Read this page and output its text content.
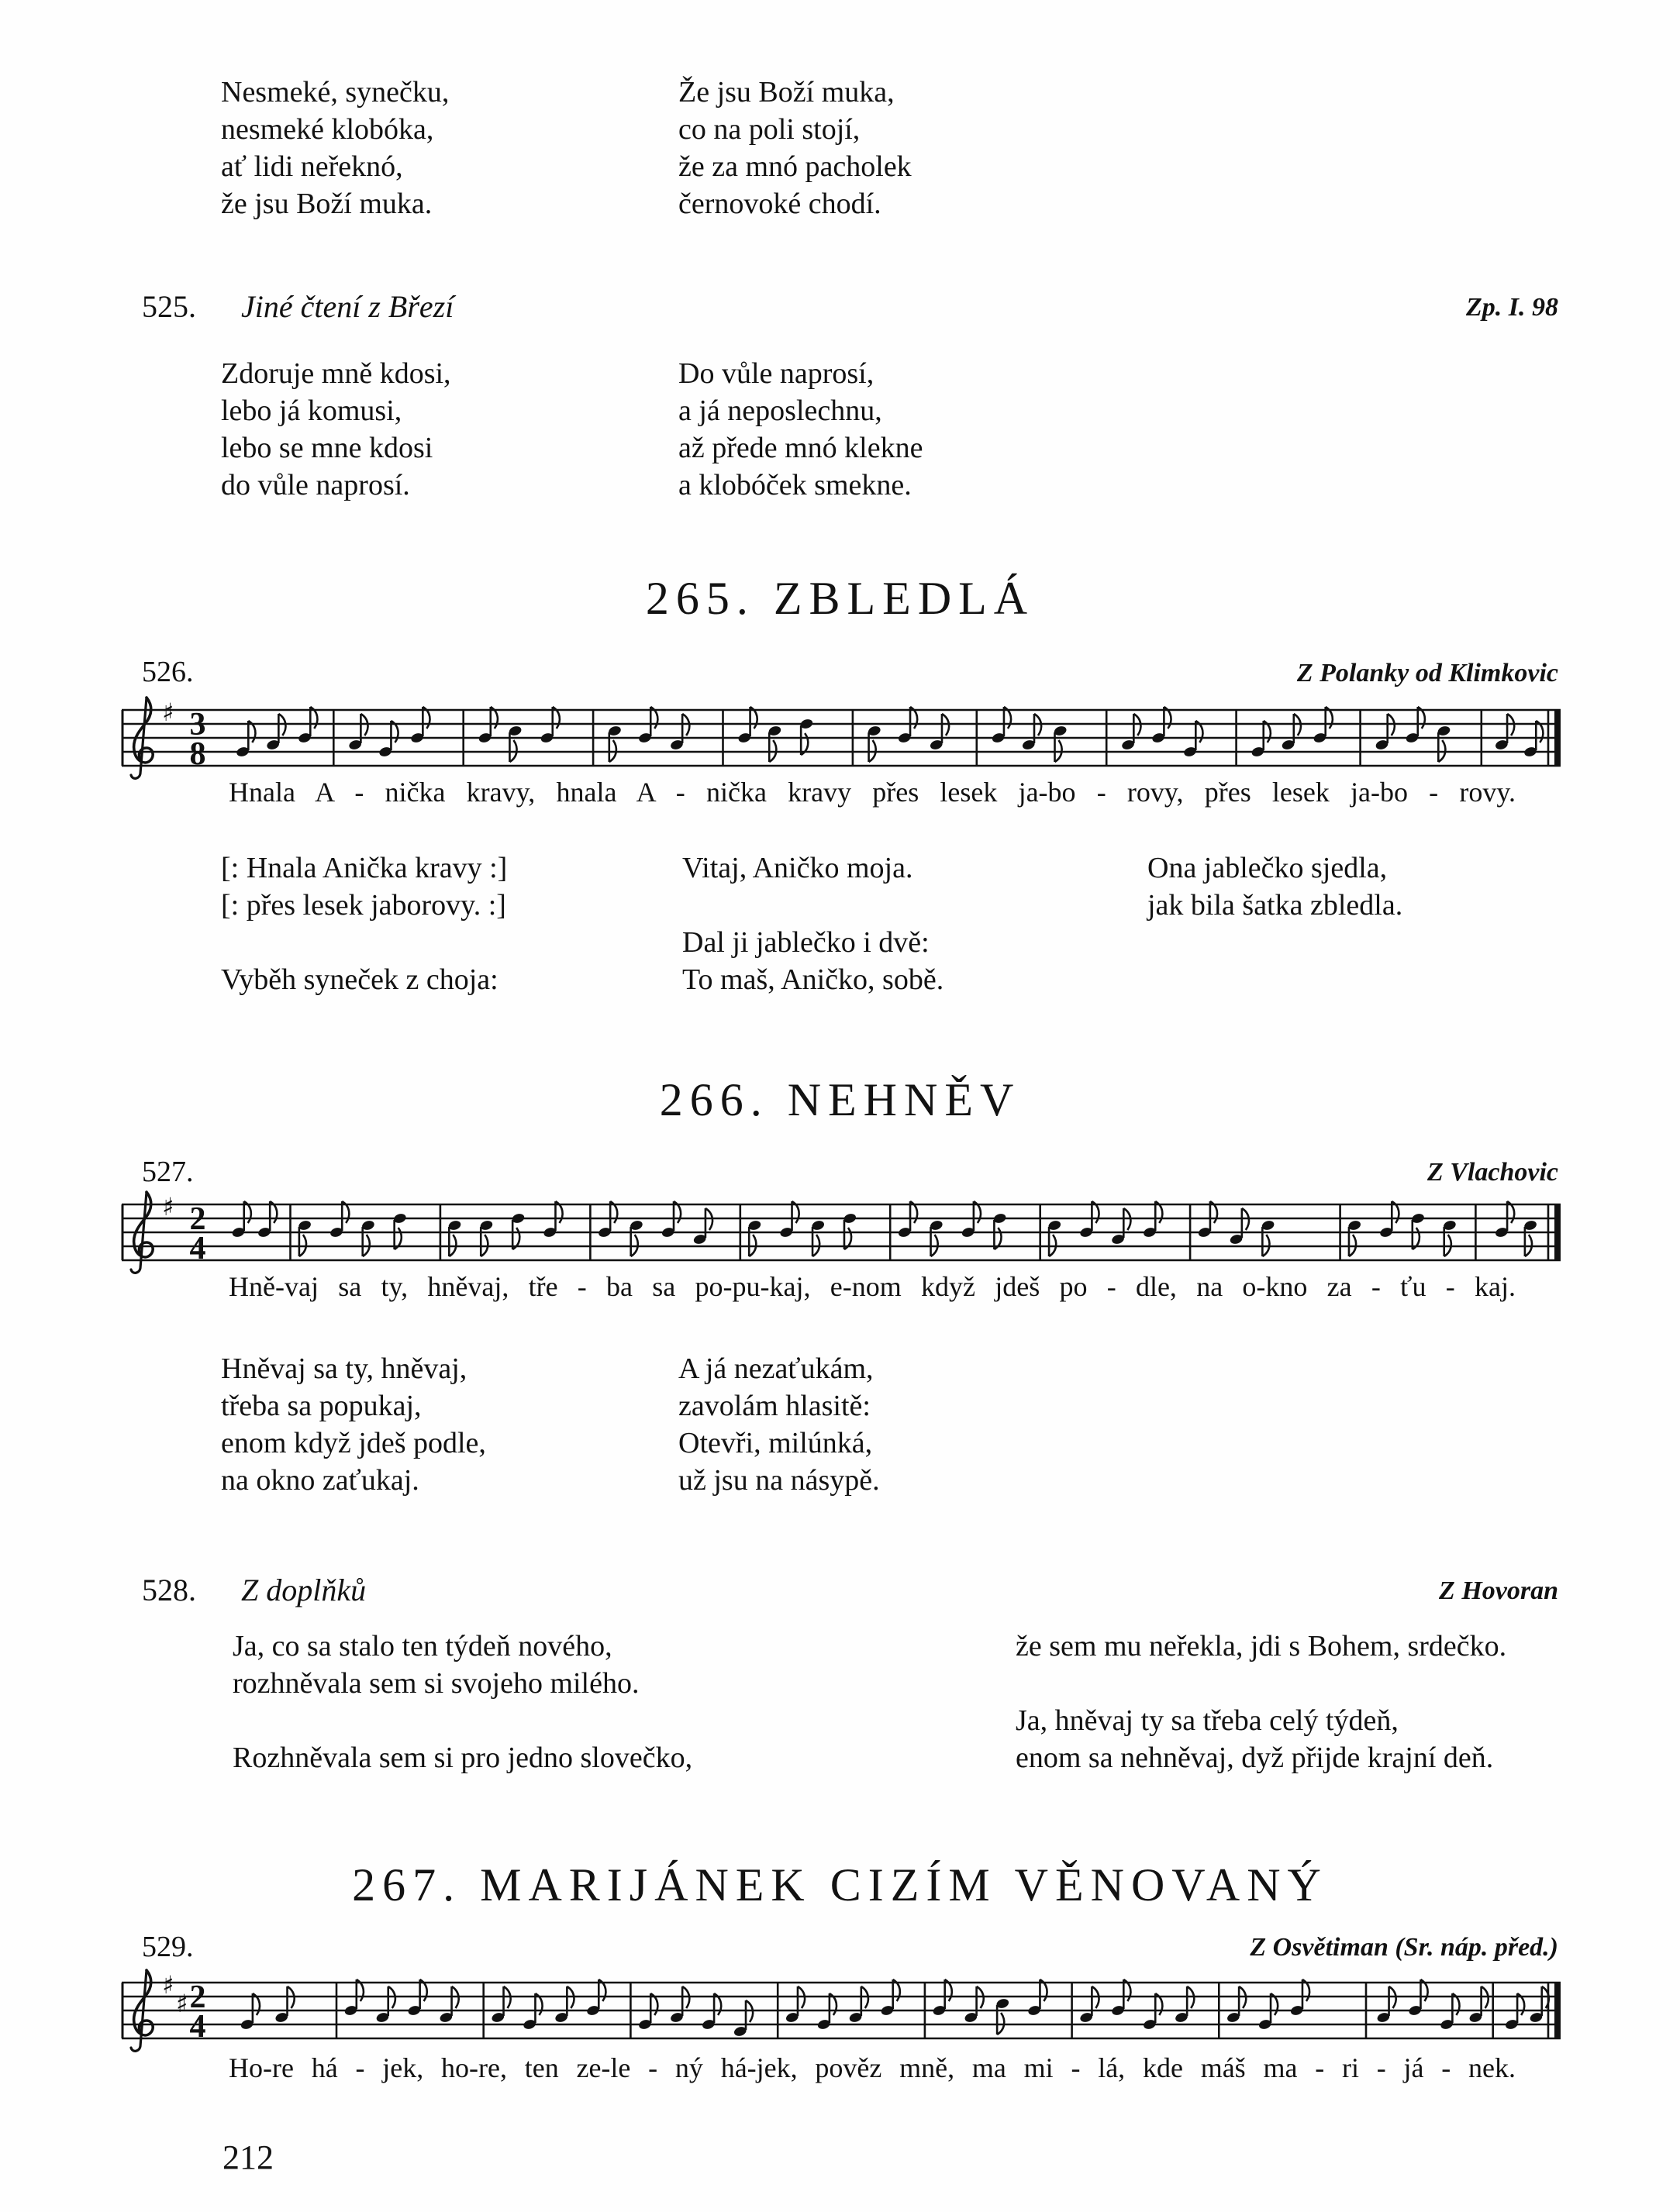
Nesmeké, synečku,
nesmeké klobóka,
ať lidi neřeknó,
že jsu Boží muka.
Že jsu Boží muka,
co na poli stojí,
že za mnó pacholek
černovoké chodí.
525. Jiné čtení z Březí	Zp. I. 98
Zdoruje mně kdosi,
lebo já komusi,
lebo se mne kdosi
do vůle naprosí.
Do vůle naprosí,
a já neposlechnu,
až přede mnó klekne
a klobóček smekne.
265. ZBLEDLÁ
526.	Z Polanky od Klimkovic
♯ 3
8
Hnala A - nička kravy, hnala A - nička kravy přes lesek ja-bo - rovy, přes lesek ja-bo - rovy.
[: Hnala Anička kravy :]
[: přes lesek jaborovy. :]

Vyběh syneček z choja:
Vitaj, Aničko moja.

Dal ji jablečko i dvě:
To maš, Aničko, sobě.
Ona jablečko sjedla,
jak bila šatka zbledla.
266. NEHNĚV
527.	Z Vlachovic
♯ 2
4
Hně-vaj sa ty, hněvaj, tře - ba sa po-pu-kaj, e-nom když jdeš po - dle, na o-kno za - ťu - kaj.
Hněvaj sa ty, hněvaj,
třeba sa popukaj,
enom když jdeš podle,
na okno zaťukaj.
A já nezaťukám,
zavolám hlasitě:
Otevři, milúnká,
už jsu na násypě.
528. Z doplňků	Z Hovoran
Ja, co sa stalo ten týdeň nového,
rozhněvala sem si svojeho milého.

Rozhněvala sem si pro jedno slovečko,
že sem mu neřekla, jdi s Bohem, srdečko.

Ja, hněvaj ty sa třeba celý týdeň,
enom sa nehněvaj, dyž přijde krajní deň.
267. MARIJÁNEK CIZÍM VĚNOVANÝ
529.	Z Osvětiman (Sr. náp. před.)
♯
♯ 2
4
Ho-re há - jek, ho-re, ten ze-le - ný há-jek, pověz mně, ma mi - lá, kde máš ma - ri - já - nek.
212
